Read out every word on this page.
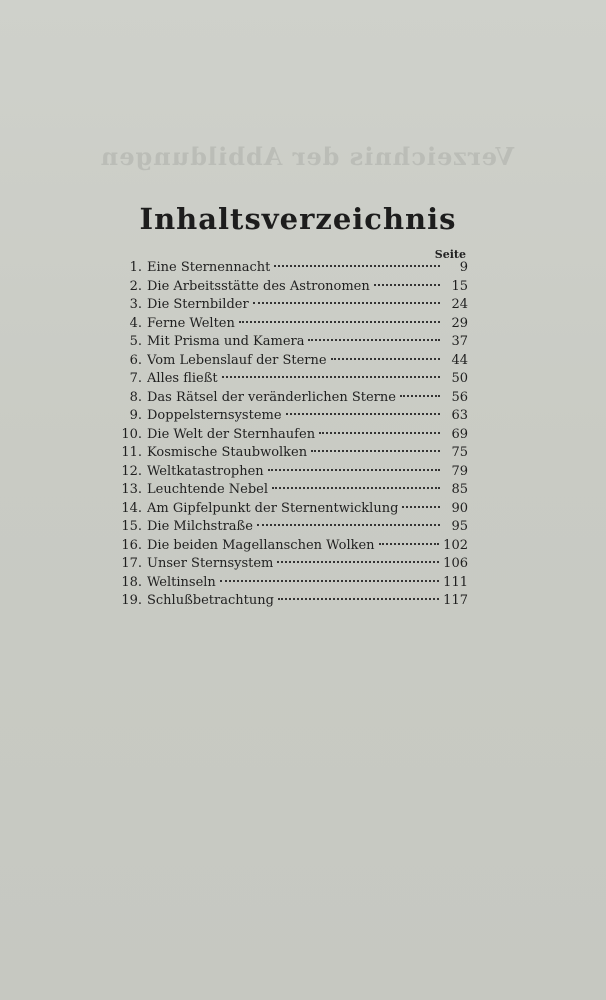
Verzeichnis der Abbildungen
Inhaltsverzeichnis
Seite
1. Eine Sternennacht	9
2. Die Arbeitsstätte des Astronomen	15
3. Die Sternbilder	24
4. Ferne Welten	29
5. Mit Prisma und Kamera	37
6. Vom Lebenslauf der Sterne	44
7. Alles fließt	50
8. Das Rätsel der veränderlichen Sterne	56
9. Doppelsternsysteme	63
10. Die Welt der Sternhaufen	69
11. Kosmische Staubwolken	75
12. Weltkatastrophen	79
13. Leuchtende Nebel	85
14. Am Gipfelpunkt der Sternentwicklung	90
15. Die Milchstraße	95
16. Die beiden Magellanschen Wolken	102
17. Unser Sternsystem	106
18. Weltinseln	111
19. Schlußbetrachtung	117
